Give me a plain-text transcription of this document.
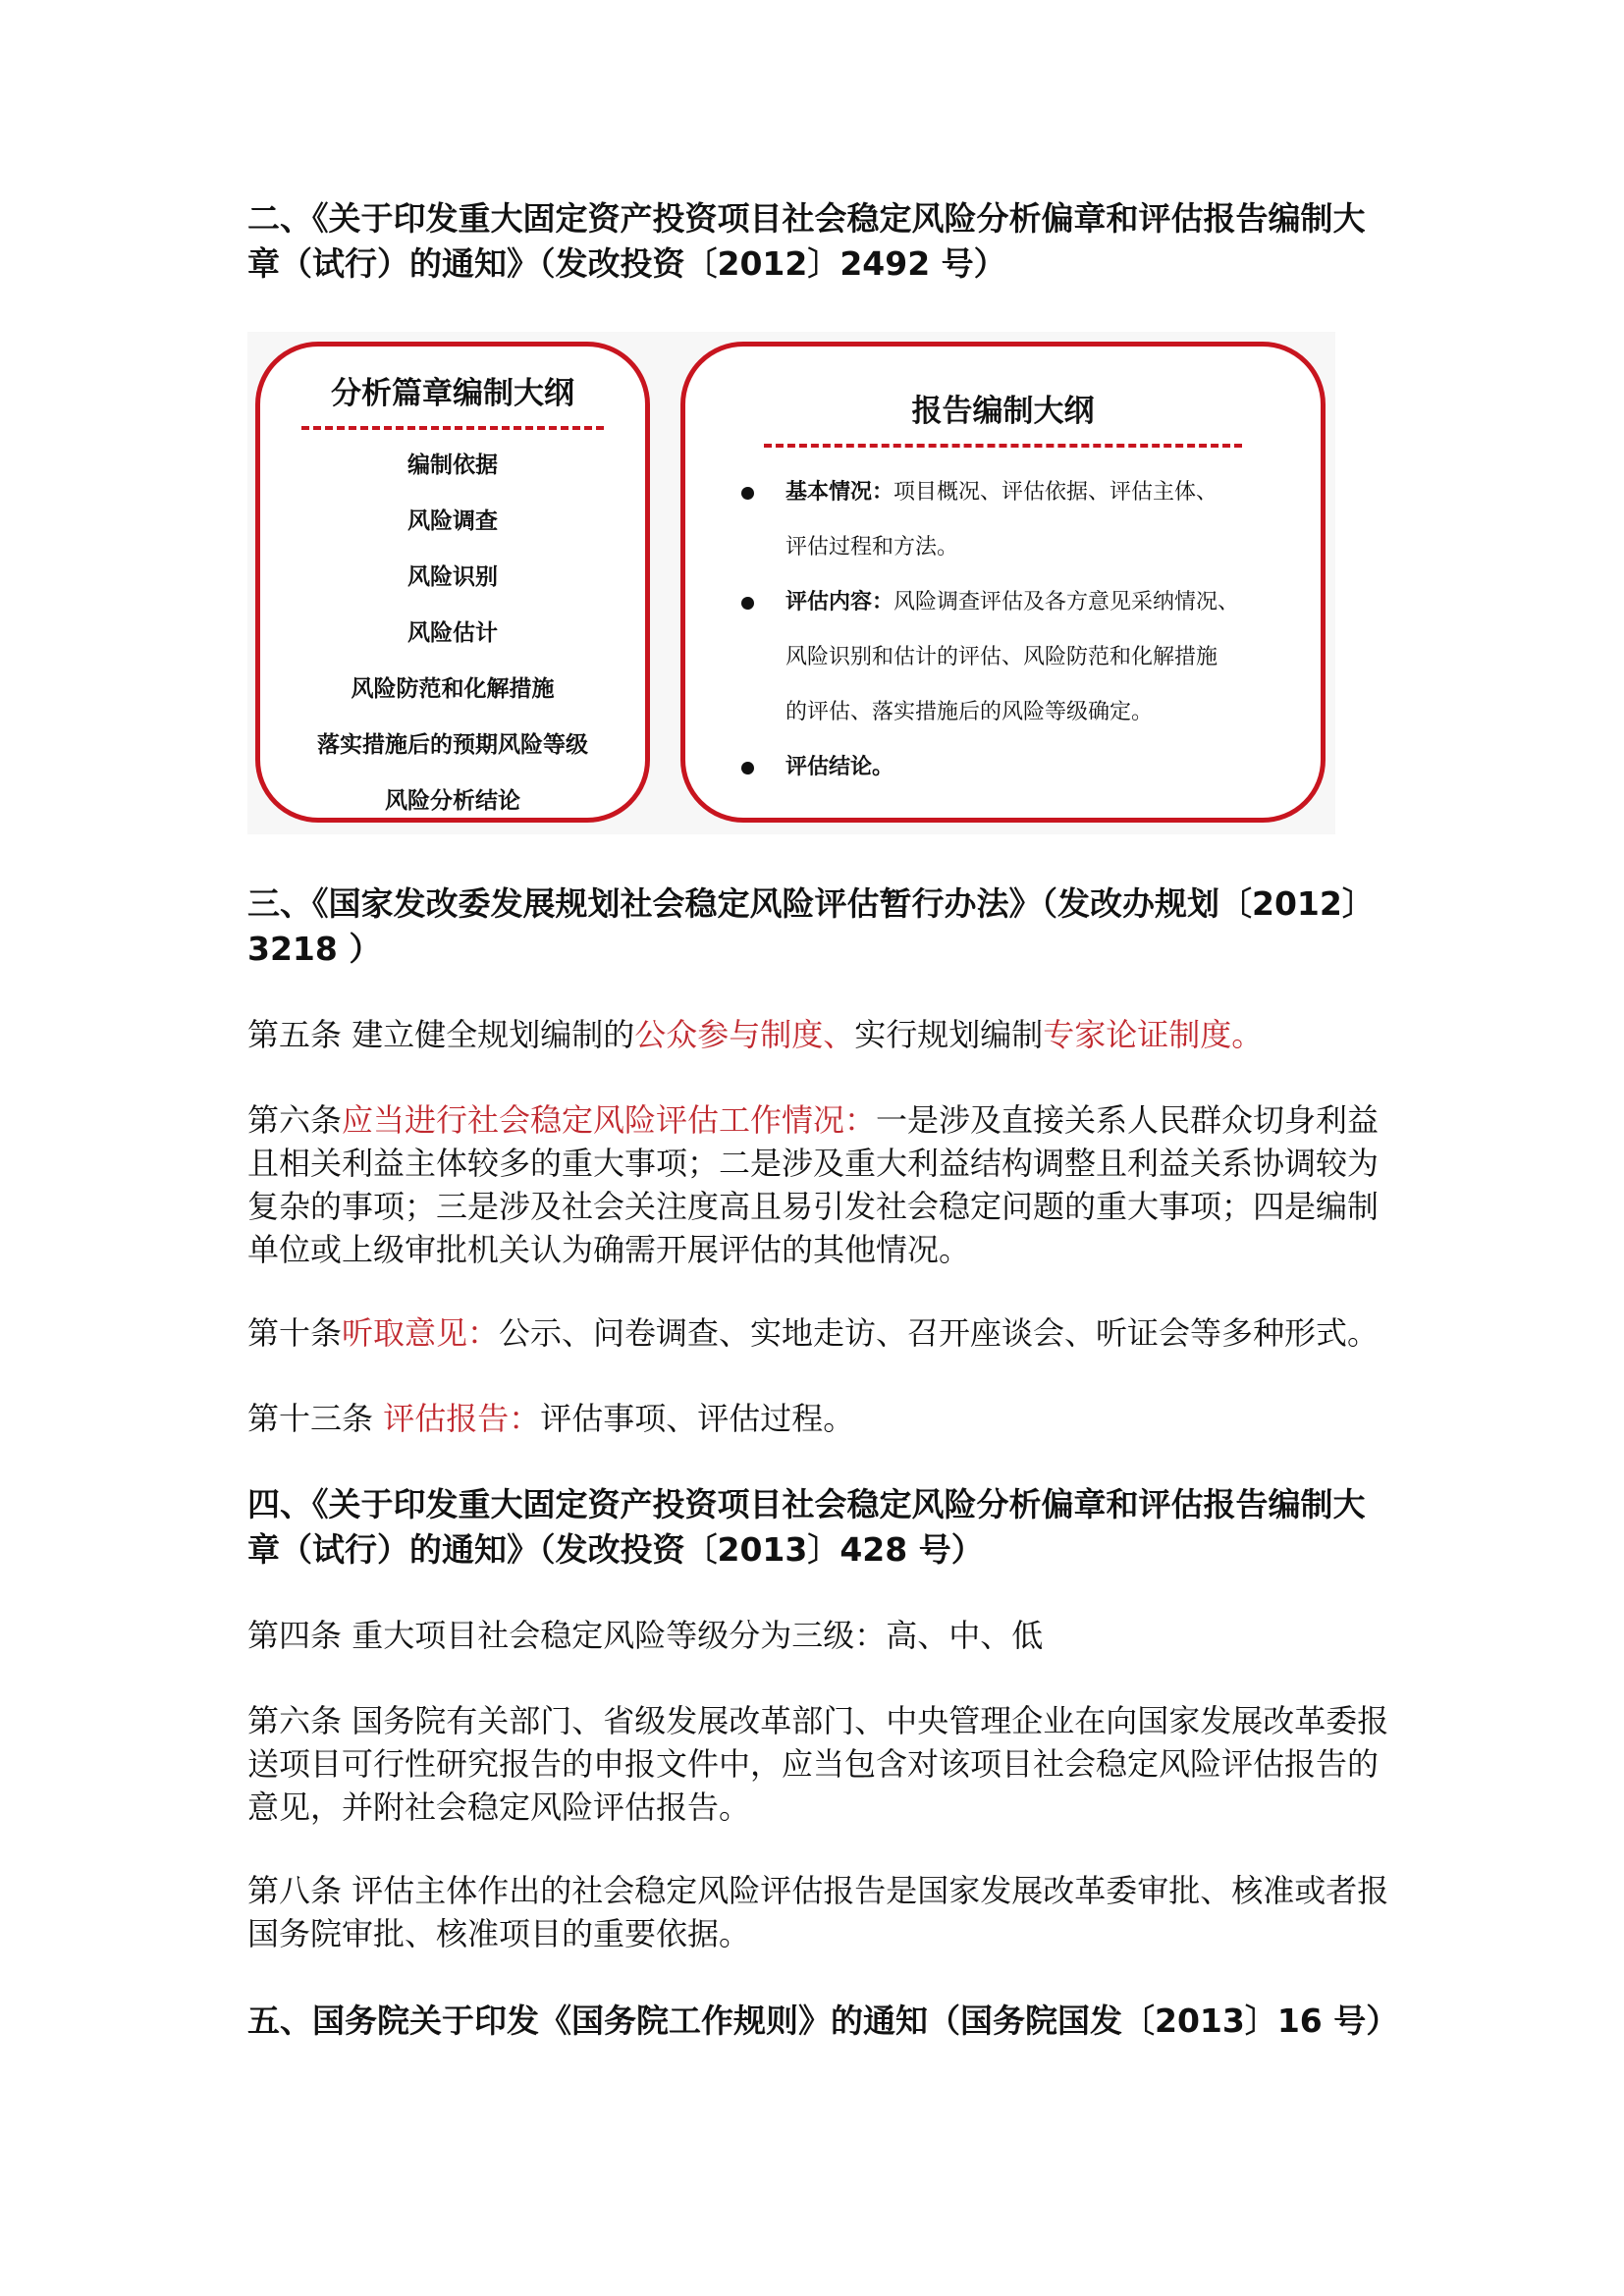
二、《关于印发重大固定资产投资项目社会稳定风险分析偏章和评估报告编制大章（试行）的通知》（发改投资〔2012〕2492 号）

分析篇章编制大纲
编制依据
风险调查
风险识别
风险估计
风险防范和化解措施
落实措施后的预期风险等级
风险分析结论
报告编制大纲
基本情况：项目概况、评估依据、评估主体、
评估过程和方法。
评估内容：风险调查评估及各方意见采纳情况、
风险识别和估计的评估、风险防范和化解措施
的评估、落实措施后的风险等级确定。
评估结论。

三、《国家发改委发展规划社会稳定风险评估暂行办法》（发改办规划〔2012〕3218 ）

第五条 建立健全规划编制的公众参与制度、实行规划编制专家论证制度。

第六条应当进行社会稳定风险评估工作情况：一是涉及直接关系人民群众切身利益且相关利益主体较多的重大事项；二是涉及重大利益结构调整且利益关系协调较为复杂的事项；三是涉及社会关注度高且易引发社会稳定问题的重大事项；四是编制单位或上级审批机关认为确需开展评估的其他情况。

第十条听取意见：公示、问卷调查、实地走访、召开座谈会、听证会等多种形式。

第十三条 评估报告：评估事项、评估过程。

四、《关于印发重大固定资产投资项目社会稳定风险分析偏章和评估报告编制大章（试行）的通知》（发改投资〔2013〕428 号）

第四条 重大项目社会稳定风险等级分为三级：高、中、低

第六条 国务院有关部门、省级发展改革部门、中央管理企业在向国家发展改革委报送项目可行性研究报告的申报文件中，应当包含对该项目社会稳定风险评估报告的意见，并附社会稳定风险评估报告。

第八条 评估主体作出的社会稳定风险评估报告是国家发展改革委审批、核准或者报国务院审批、核准项目的重要依据。

五、国务院关于印发《国务院工作规则》的通知（国务院国发〔2013〕16 号）
